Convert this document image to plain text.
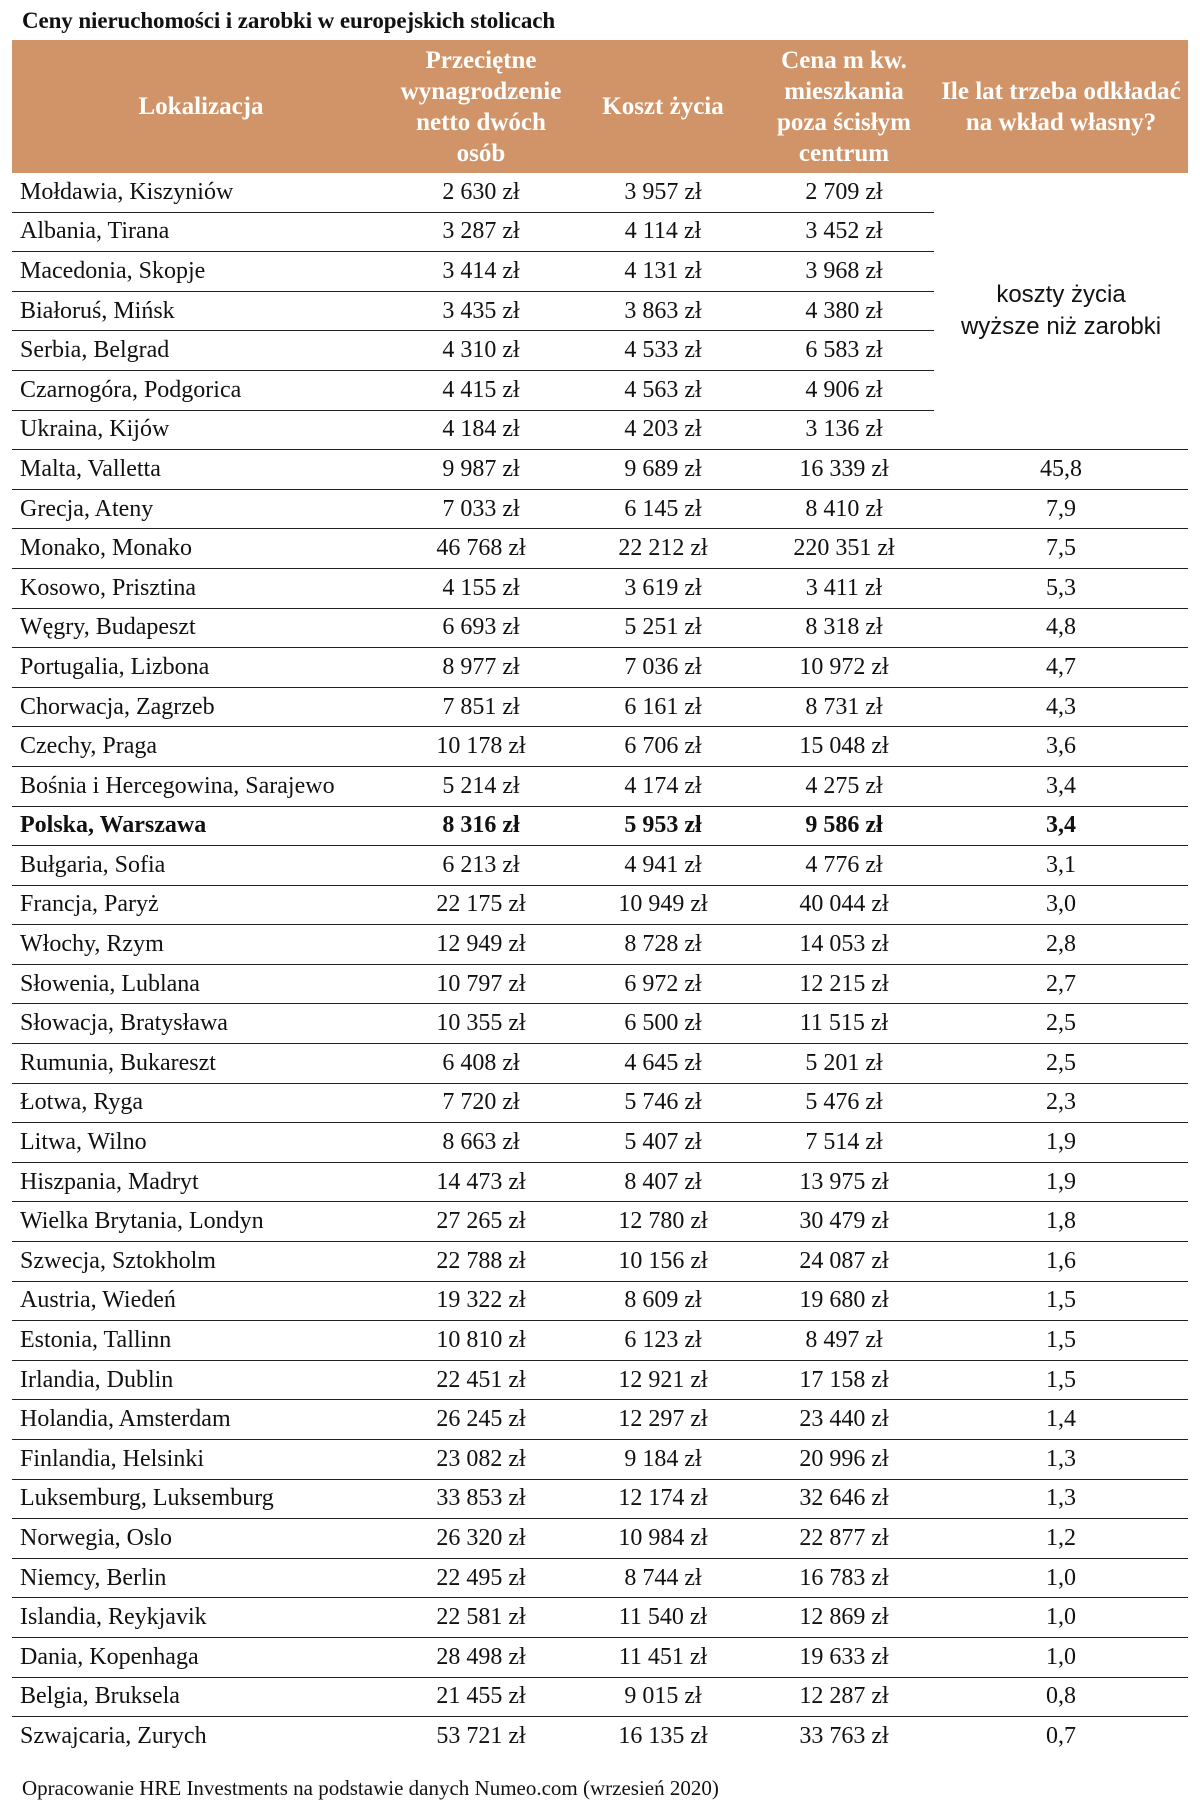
Ceny nieruchomości i zarobki w europejskich stolicach
Lokalizacja	Przeciętne wynagrodzenie netto dwóch osób	Koszt życia	Cena m kw. mieszkania poza ścisłym centrum	Ile lat trzeba odkładać na wkład własny?
Mołdawia, Kiszyniów	2 630 zł	3 957 zł	2 709 zł	koszty życia wyższe niż zarobki
Albania, Tirana	3 287 zł	4 114 zł	3 452 zł	
Macedonia, Skopje	3 414 zł	4 131 zł	3 968 zł	
Białoruś, Mińsk	3 435 zł	3 863 zł	4 380 zł	
Serbia, Belgrad	4 310 zł	4 533 zł	6 583 zł	
Czarnogóra, Podgorica	4 415 zł	4 563 zł	4 906 zł	
Ukraina, Kijów	4 184 zł	4 203 zł	3 136 zł	
Malta, Valletta	9 987 zł	9 689 zł	16 339 zł	45,8
Grecja, Ateny	7 033 zł	6 145 zł	8 410 zł	7,9
Monako, Monako	46 768 zł	22 212 zł	220 351 zł	7,5
Kosowo, Prisztina	4 155 zł	3 619 zł	3 411 zł	5,3
Węgry, Budapeszt	6 693 zł	5 251 zł	8 318 zł	4,8
Portugalia, Lizbona	8 977 zł	7 036 zł	10 972 zł	4,7
Chorwacja, Zagrzeb	7 851 zł	6 161 zł	8 731 zł	4,3
Czechy, Praga	10 178 zł	6 706 zł	15 048 zł	3,6
Bośnia i Hercegowina, Sarajewo	5 214 zł	4 174 zł	4 275 zł	3,4
Polska, Warszawa	8 316 zł	5 953 zł	9 586 zł	3,4
Bułgaria, Sofia	6 213 zł	4 941 zł	4 776 zł	3,1
Francja, Paryż	22 175 zł	10 949 zł	40 044 zł	3,0
Włochy, Rzym	12 949 zł	8 728 zł	14 053 zł	2,8
Słowenia, Lublana	10 797 zł	6 972 zł	12 215 zł	2,7
Słowacja, Bratysława	10 355 zł	6 500 zł	11 515 zł	2,5
Rumunia, Bukareszt	6 408 zł	4 645 zł	5 201 zł	2,5
Łotwa, Ryga	7 720 zł	5 746 zł	5 476 zł	2,3
Litwa, Wilno	8 663 zł	5 407 zł	7 514 zł	1,9
Hiszpania, Madryt	14 473 zł	8 407 zł	13 975 zł	1,9
Wielka Brytania, Londyn	27 265 zł	12 780 zł	30 479 zł	1,8
Szwecja, Sztokholm	22 788 zł	10 156 zł	24 087 zł	1,6
Austria, Wiedeń	19 322 zł	8 609 zł	19 680 zł	1,5
Estonia, Tallinn	10 810 zł	6 123 zł	8 497 zł	1,5
Irlandia, Dublin	22 451 zł	12 921 zł	17 158 zł	1,5
Holandia, Amsterdam	26 245 zł	12 297 zł	23 440 zł	1,4
Finlandia, Helsinki	23 082 zł	9 184 zł	20 996 zł	1,3
Luksemburg, Luksemburg	33 853 zł	12 174 zł	32 646 zł	1,3
Norwegia, Oslo	26 320 zł	10 984 zł	22 877 zł	1,2
Niemcy, Berlin	22 495 zł	8 744 zł	16 783 zł	1,0
Islandia, Reykjavik	22 581 zł	11 540 zł	12 869 zł	1,0
Dania, Kopenhaga	28 498 zł	11 451 zł	19 633 zł	1,0
Belgia, Bruksela	21 455 zł	9 015 zł	12 287 zł	0,8
Szwajcaria, Zurych	53 721 zł	16 135 zł	33 763 zł	0,7
Opracowanie HRE Investments na podstawie danych Numeo.com (wrzesień 2020)
